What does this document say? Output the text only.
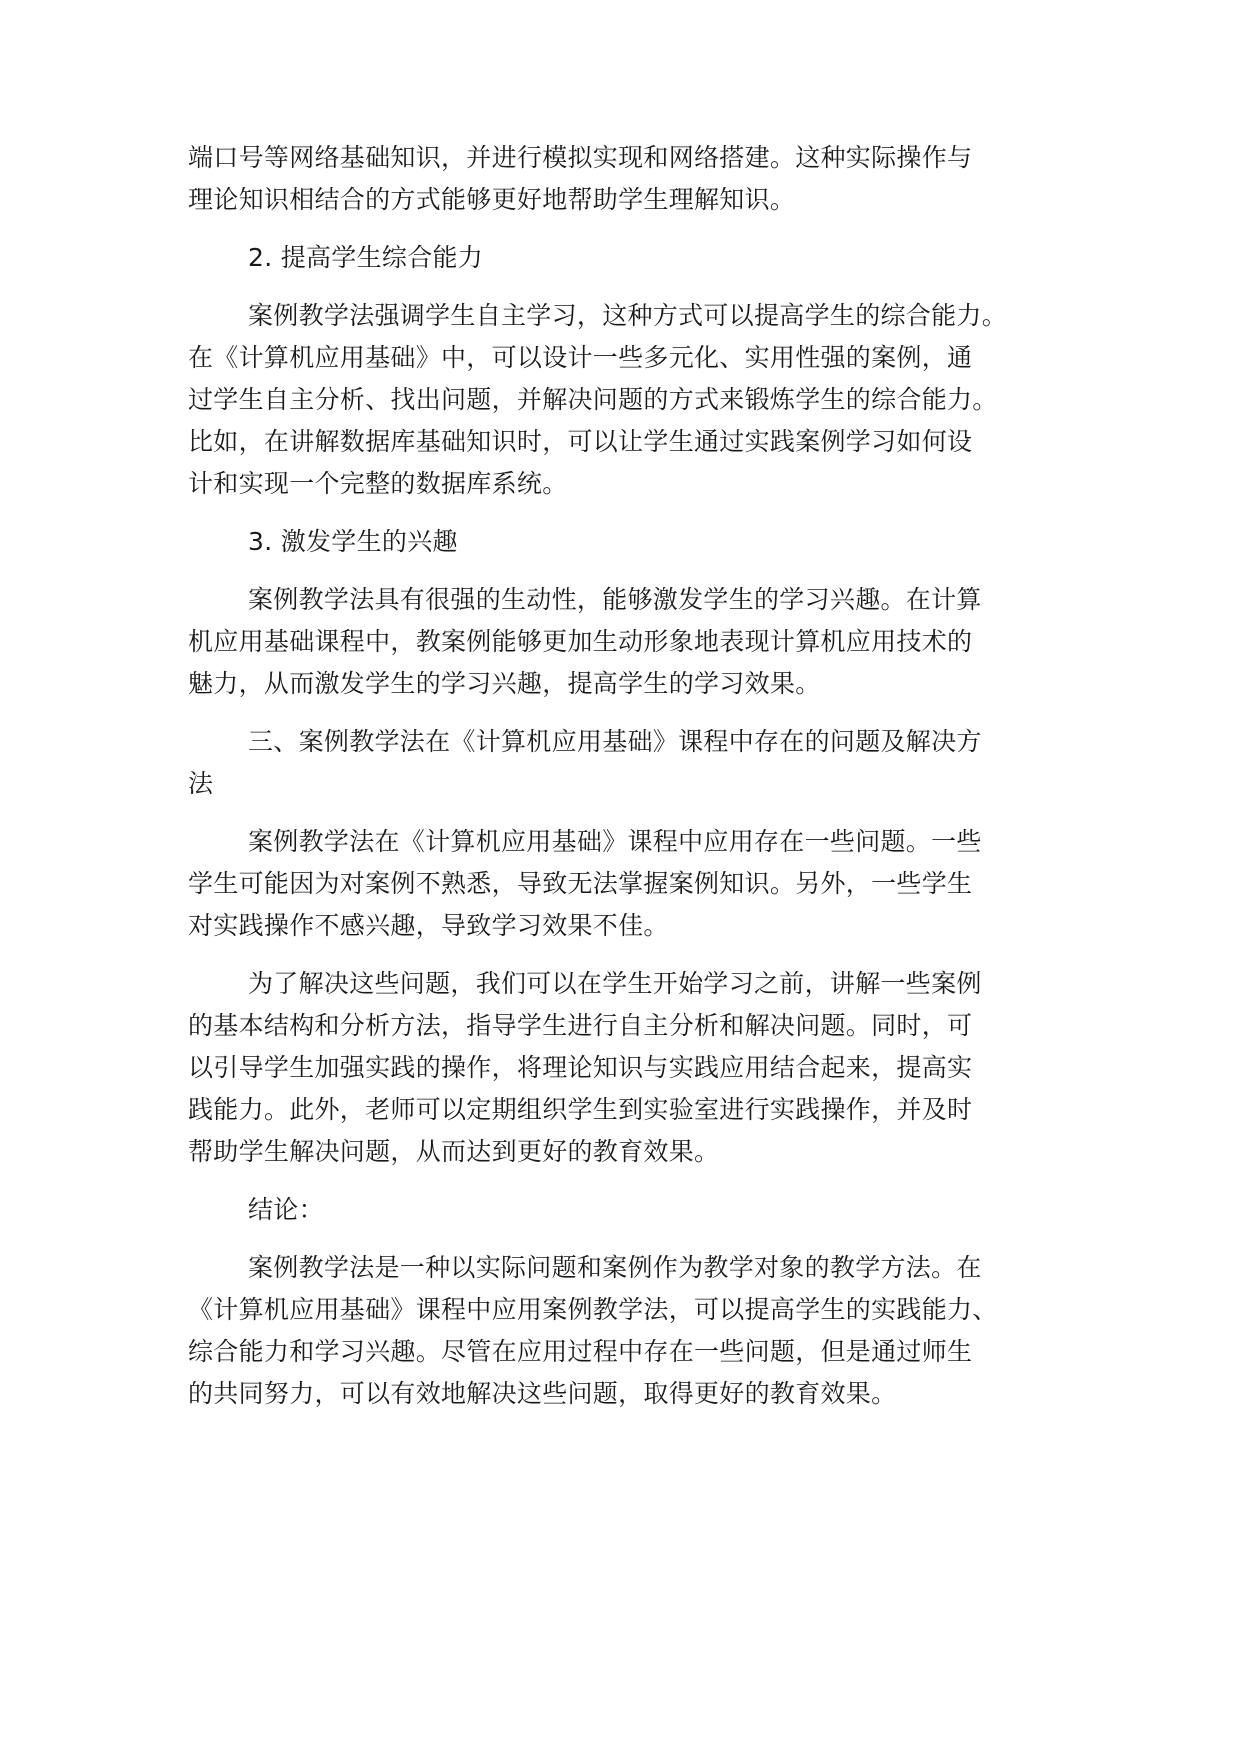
端口号等网络基础知识，并进行模拟实现和网络搭建。这种实际操作与
理论知识相结合的方式能够更好地帮助学生理解知识。
2. 提高学生综合能力
案例教学法强调学生自主学习，这种方式可以提高学生的综合能力。
在《计算机应用基础》中，可以设计一些多元化、实用性强的案例，通
过学生自主分析、找出问题，并解决问题的方式来锻炼学生的综合能力。
比如，在讲解数据库基础知识时，可以让学生通过实践案例学习如何设
计和实现一个完整的数据库系统。
3. 激发学生的兴趣
案例教学法具有很强的生动性，能够激发学生的学习兴趣。在计算
机应用基础课程中，教案例能够更加生动形象地表现计算机应用技术的
魅力，从而激发学生的学习兴趣，提高学生的学习效果。
三、案例教学法在《计算机应用基础》课程中存在的问题及解决方
法
案例教学法在《计算机应用基础》课程中应用存在一些问题。一些
学生可能因为对案例不熟悉，导致无法掌握案例知识。另外，一些学生
对实践操作不感兴趣，导致学习效果不佳。
为了解决这些问题，我们可以在学生开始学习之前，讲解一些案例
的基本结构和分析方法，指导学生进行自主分析和解决问题。同时，可
以引导学生加强实践的操作，将理论知识与实践应用结合起来，提高实
践能力。此外，老师可以定期组织学生到实验室进行实践操作，并及时
帮助学生解决问题，从而达到更好的教育效果。
结论：
案例教学法是一种以实际问题和案例作为教学对象的教学方法。在
《计算机应用基础》课程中应用案例教学法，可以提高学生的实践能力、
综合能力和学习兴趣。尽管在应用过程中存在一些问题，但是通过师生
的共同努力，可以有效地解决这些问题，取得更好的教育效果。
